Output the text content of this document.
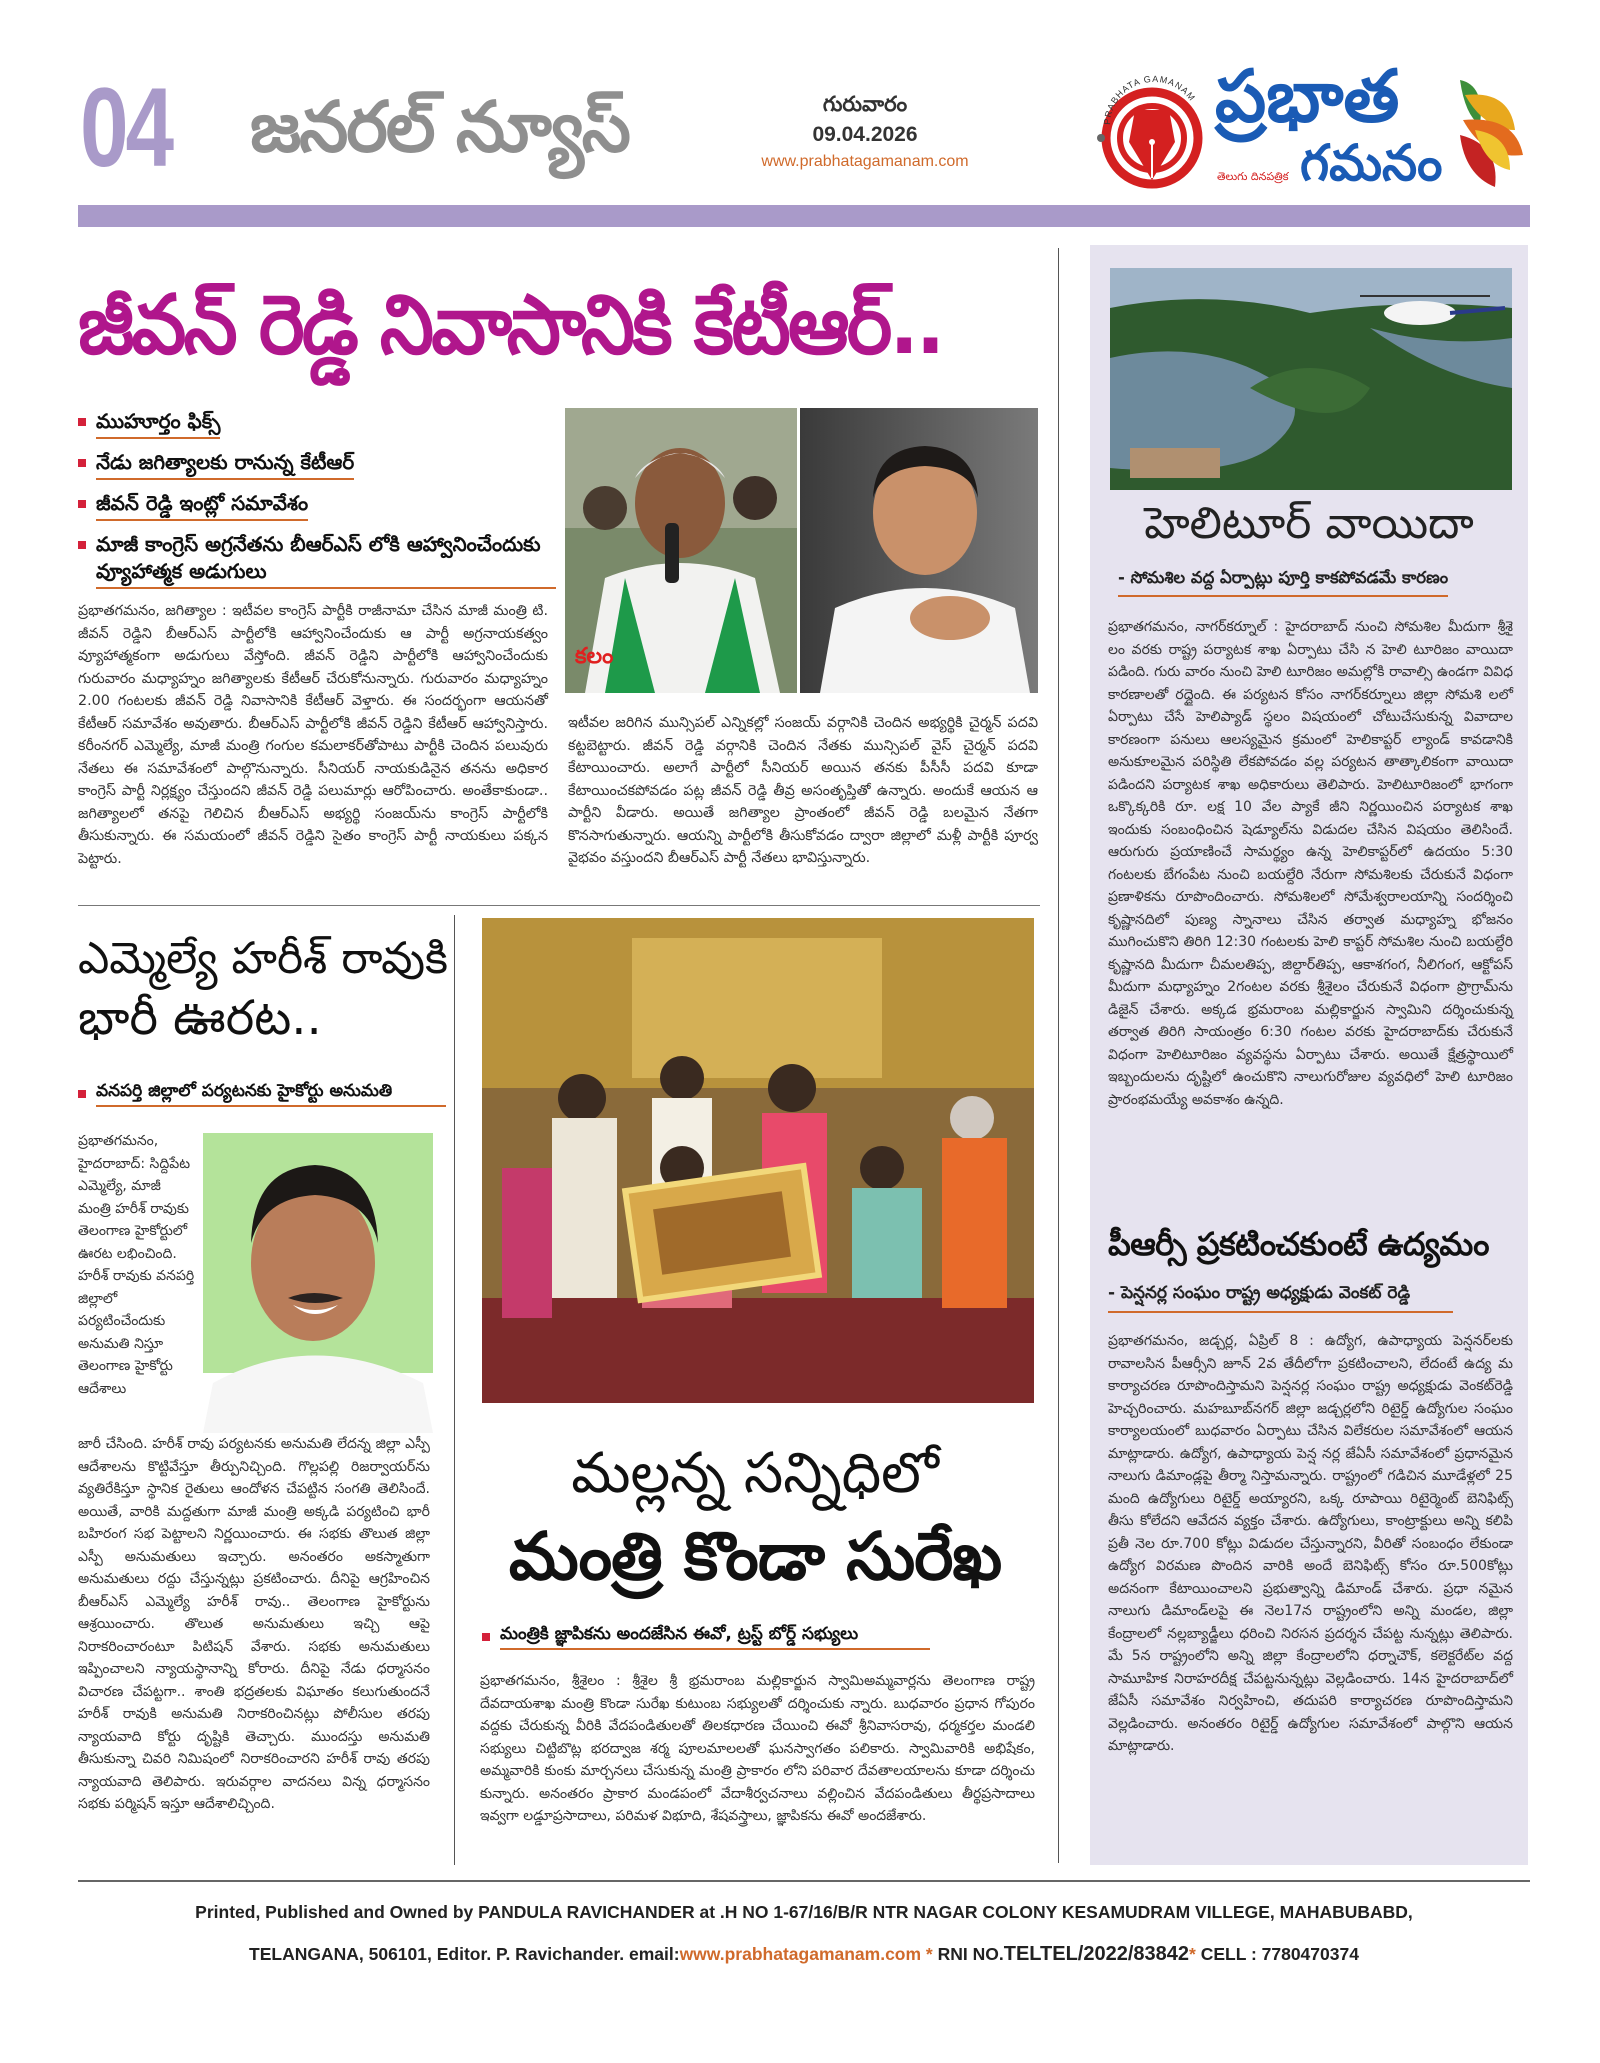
04 జనరల్ న్యూస్	గురువారం
09.04.2026
www.prabhatagamanam.com
PRABHATA GAMANAM ప్రభాత
గమనం
తెలుగు దినపత్రిక
జీవన్ రెడ్డి నివాసానికి కేటీఆర్..
ముహూర్తం ఫిక్స్
నేడు జగిత్యాలకు రానున్న కేటీఆర్
జీవన్ రెడ్డి ఇంట్లో సమావేశం
మాజీ కాంగ్రెస్ అగ్రనేతను బీఆర్ఎస్ లోకి ఆహ్వానించేందుకు వ్యూహాత్మక అడుగులు
కలం
ప్రభాతగమనం, జగిత్యాల : ఇటీవల కాంగ్రెస్ పార్టీకి రాజీనామా చేసిన మాజీ మంత్రి టి. జీవన్ రెడ్డిని బీఆర్ఎస్ పార్టీలోకి ఆహ్వానించేందుకు ఆ పార్టీ అగ్రనాయకత్వం వ్యూహాత్మకంగా అడుగులు వేస్తోంది. జీవన్ రెడ్డిని పార్టీలోకి ఆహ్వానించేందుకు గురువారం మధ్యాహ్నం జగిత్యాలకు కేటీఆర్ చేరుకోనున్నారు. గురువారం మధ్యాహ్నం 2.00 గంటలకు జీవన్ రెడ్డి నివాసానికి కేటీఆర్ వెళ్తారు. ఈ సందర్భంగా ఆయనతో కేటీఆర్ సమావేశం అవుతారు. బీఆర్ఎస్ పార్టీలోకి జీవన్ రెడ్డిని కేటీఆర్ ఆహ్వానిస్తారు. కరీంనగర్ ఎమ్మెల్యే, మాజీ మంత్రి గంగుల కమలాకర్‌తోపాటు పార్టీకి చెందిన పలువురు నేతలు ఈ సమావేశంలో పాల్గొనున్నారు. సీనియర్ నాయకుడినైన తనను అధికార కాంగ్రెస్ పార్టీ నిర్లక్ష్యం చేస్తుందని జీవన్ రెడ్డి పలుమార్లు ఆరోపించారు. అంతేకాకుండా.. జగిత్యాలలో తనపై గెలిచిన బీఆర్ఎస్ అభ్యర్థి సంజయ్‌ను కాంగ్రెస్ పార్టీలోకి తీసుకున్నారు. ఈ సమయంలో జీవన్ రెడ్డిని సైతం కాంగ్రెస్ పార్టీ నాయకులు పక్కన పెట్టారు.
ఇటీవల జరిగిన మున్సిపల్ ఎన్నికల్లో సంజయ్ వర్గానికి చెందిన అభ్యర్థికి చైర్మన్ పదవి కట్టబెట్టారు. జీవన్ రెడ్డి వర్గానికి చెందిన నేతకు మున్సిపల్ వైస్ చైర్మన్ పదవి కేటాయించారు. అలాగే పార్టీలో సీనియర్ అయిన తనకు పీసీసీ పదవి కూడా కేటాయించకపోవడం పట్ల జీవన్ రెడ్డి తీవ్ర అసంతృప్తితో ఉన్నారు. అందుకే ఆయన ఆ పార్టీని వీడారు. అయితే జగిత్యాల ప్రాంతంలో జీవన్ రెడ్డి బలమైన నేతగా కొనసాగుతున్నారు. ఆయన్ని పార్టీలోకి తీసుకోవడం ద్వారా జిల్లాలో మళ్లీ పార్టీకి పూర్వ వైభవం వస్తుందని బీఆర్ఎస్ పార్టీ నేతలు భావిస్తున్నారు.
హెలిటూర్ వాయిదా
- సోమశిల వద్ద ఏర్పాట్లు పూర్తి కాకపోవడమే కారణం
ప్రభాతగమనం, నాగర్‌కర్నూల్ : హైదరాబాద్ నుంచి సోమశిల మీదుగా శ్రీశై లం వరకు రాష్ట్ర పర్యాటక శాఖ ఏర్పాటు చేసి న హెలి టూరిజం వాయిదా పడింది. గురు వారం నుంచి హెలి టూరిజం అమల్లోకి రావాల్సి ఉండగా వివిధ కారణాలతో రద్దైంది. ఈ పర్యటన కోసం నాగర్‌కర్నూలు జిల్లా సోమశి లలో ఏర్పాటు చేసే హెలిప్యాడ్ స్థలం విషయంలో చోటుచేసుకున్న వివాదాల కారణంగా పనులు ఆలస్యమైన క్రమంలో హెలికాప్టర్ ల్యాండ్ కావడానికి అనుకూలమైన పరిస్థితి లేకపోవడం వల్ల పర్యటన తాత్కాలికంగా వాయిదా పడిందని పర్యాటక శాఖ అధికారులు తెలిపారు. హెలిటూరిజంలో భాగంగా ఒక్కొక్కరికి రూ. లక్ష 10 వేల ప్యాకే జీని నిర్ణయించిన పర్యాటక శాఖ ఇందుకు సంబంధించిన షెడ్యూల్‌ను విడుదల చేసిన విషయం తెలిసిందే. ఆరుగురు ప్రయాణించే సామర్థ్యం ఉన్న హెలికాప్టర్‌లో ఉదయం 5:30 గంటలకు బేగంపేట నుంచి బయల్దేరి నేరుగా సోమశిలకు చేరుకునే విధంగా ప్రణాళికను రూపొందించారు. సోమశిలలో సోమేశ్వరాలయాన్ని సందర్శించి కృష్ణానదిలో పుణ్య స్నానాలు చేసిన తర్వాత మధ్యాహ్న భోజనం ముగించుకొని తిరిగి 12:30 గంటలకు హెలి కాప్టర్ సోమశిల నుంచి బయల్దేరి కృష్ణానది మీదుగా చీమలతిప్ప, జిల్దార్‌తిప్ప, ఆకాశగంగ, నీలిగంగ, ఆక్టోపస్ మీదుగా మధ్యాహ్నం 2గంటల వరకు శ్రీశైలం చేరుకునే విధంగా ప్రొగ్రామ్‌ను డిజైన్ చేశారు. అక్కడ భ్రమరాంబ మల్లికార్జున స్వామిని దర్శించుకున్న తర్వాత తిరిగి సాయంత్రం 6:30 గంటల వరకు హైదరాబాద్‌కు చేరుకునే విధంగా హెలిటూరిజం వ్యవస్థను ఏర్పాటు చేశారు. అయితే క్షేత్రస్థాయిలో ఇబ్బందులను దృష్టిలో ఉంచుకొని నాలుగురోజుల వ్యవధిలో హెలి టూరిజం ప్రారంభమయ్యే అవకాశం ఉన్నది.
పీఆర్సీ ప్రకటించకుంటే ఉద్యమం
- పెన్షనర్ల సంఘం రాష్ట్ర అధ్యక్షుడు వెంకట్ రెడ్డి
ప్రభాతగమనం, జడ్చర్ల, ఏప్రిల్ 8 : ఉద్యోగ, ఉపాధ్యాయ పెన్షనర్‌లకు రావాలసిన పీఆర్సీని జూన్ 2వ తేదీలోగా ప్రకటించాలని, లేదంటే ఉద్య మ కార్యాచరణ రూపొందిస్తామని పెన్షనర్ల సంఘం రాష్ట్ర అధ్యక్షుడు వెంకట్‌రెడ్డి హెచ్చరించారు. మహబూబ్‌నగర్ జిల్లా జడ్చర్లలోని రిటైర్డ్ ఉద్యోగుల సంఘం కార్యాలయంలో బుధవారం ఏర్పాటు చేసిన విలేకరుల సమావేశంలో ఆయన మాట్లాడారు. ఉద్యోగ, ఉపాధ్యాయ పెన్ష నర్ల జేఏసీ సమావేశంలో ప్రధానమైన నాలుగు డిమాండ్లపై తీర్మా నిస్తామన్నారు. రాష్ట్రంలో గడిచిన మూడేళ్లలో 25 మంది ఉద్యోగులు రిటైర్డ్ అయ్యారని, ఒక్క రూపాయి రిటైర్మెంట్ బెనిఫిట్స్ తీసు కోలేదని ఆవేదన వ్యక్తం చేశారు. ఉద్యోగులు, కాంట్రాక్టులు అన్ని కలిపి ప్రతీ నెల రూ.700 కోట్లు విడుదల చేస్తున్నారని, వీరితో సంబంధం లేకుండా ఉద్యోగ విరమణ పొందిన వారికి అందే బెనిఫిట్స్ కోసం రూ.500కోట్లు అదనంగా కేటాయించాలని ప్రభుత్వాన్ని డిమాండ్ చేశారు. ప్రధా నమైన నాలుగు డిమాండ్‌లపై ఈ నెల17న రాష్ట్రంలోని అన్ని మండల, జిల్లా కేంద్రాలలో నల్లబ్యాడ్జీలు ధరించి నిరసన ప్రదర్శన చేపట్ట నున్నట్లు తెలిపారు. మే 5న రాష్ట్రంలోని అన్ని జిల్లా కేంద్రాలలోని ధర్నాచౌక్, కలెక్టరేట్‌ల వద్ద సామూహిక నిరాహరదీక్ష చేపట్టనున్నట్లు వెల్లడించారు. 14న హైదరాబాద్‌లో జేఏసీ సమావేశం నిర్వహించి, తదుపరి కార్యాచరణ రూపొందిస్తామని వెల్లడించారు. అనంతరం రిటైర్డ్ ఉద్యోగుల సమావేశంలో పాల్గొని ఆయన మాట్లాడారు.
ఎమ్మెల్యే హరీశ్ రావుకి
భారీ ఊరట..
వనపర్తి జిల్లాలో పర్యటనకు హైకోర్టు అనుమతి
ప్రభాతగమనం, హైదరాబాద్: సిద్దిపేట ఎమ్మెల్యే, మాజీ మంత్రి హరీశ్ రావుకు తెలంగాణ హైకోర్టులో ఊరట లభించింది. హరీశ్ రావుకు వనపర్తి జిల్లాలో పర్యటించేందుకు అనుమతి నిస్తూ తెలంగాణ హైకోర్టు ఆదేశాలు
జారీ చేసింది. హరీశ్ రావు పర్యటనకు అనుమతి లేదన్న జిల్లా ఎస్పీ ఆదేశాలను కొట్టివేస్తూ తీర్పునిచ్చింది. గొల్లపల్లి రిజర్వాయర్‌ను వ్యతిరేకిస్తూ స్థానిక రైతులు ఆందోళన చేపట్టిన సంగతి తెలిసిందే. అయితే, వారికి మద్దతుగా మాజీ మంత్రి అక్కడి పర్యటించి భారీ బహిరంగ సభ పెట్టాలని నిర్ణయించారు. ఈ సభకు తొలుత జిల్లా ఎస్పీ అనుమతులు ఇచ్చారు. అనంతరం అకస్మాతుగా అనుమతులు రద్దు చేస్తున్నట్లు ప్రకటించారు. దీనిపై ఆగ్రహించిన బీఆర్ఎస్ ఎమ్మెల్యే హరీశ్ రావు.. తెలంగాణ హైకోర్టును ఆశ్రయించారు. తొలుత అనుమతులు ఇచ్చి ఆపై నిరాకరించారంటూ పిటిషన్ వేశారు. సభకు అనుమతులు ఇప్పించాలని న్యాయస్థానాన్ని కోరారు. దీనిపై నేడు ధర్మాసనం విచారణ చేపట్టగా.. శాంతి భద్రతలకు విఘాతం కలుగుతుందనే హరీశ్ రావుకి అనుమతి నిరాకరించినట్లు పోలీసుల తరపు న్యాయవాది కోర్టు దృష్టికి తెచ్చారు. ముందస్తు అనుమతి తీసుకున్నా చివరి నిమిషంలో నిరాకరించారని హరీశ్ రావు తరపు న్యాయవాది తెలిపారు. ఇరువర్గాల వాదనలు విన్న ధర్మాసనం సభకు పర్మిషన్ ఇస్తూ ఆదేశాలిచ్చింది.
మల్లన్న సన్నిధిలో
మంత్రి కొండా సురేఖ
మంత్రికి జ్ఞాపికను అందజేసిన ఈవో, ట్రస్ట్ బోర్డ్ సభ్యులు
ప్రభాతగమనం, శ్రీశైలం : శ్రీశైల శ్రీ భ్రమరాంబ మల్లికార్జున స్వామిఅమ్మవార్లను తెలంగాణ రాష్ట్ర దేవదాయశాఖ మంత్రి కొండా సురేఖ కుటుంబ సభ్యులతో దర్శించుకు న్నారు. బుధవారం ప్రధాన గోపురం వద్దకు చేరుకున్న వీరికి వేదపండితులతో తిలకధారణ చేయించి ఈవో శ్రీనివాసరావు, ధర్మకర్తల మండలి సభ్యులు చిట్టిబొట్ల భరద్వాజ శర్మ పూలమాలలతో ఘనస్వాగతం పలికారు. స్వామివారికి అభిషేకం, అమ్మవారికి కుంకు మార్చనలు చేసుకున్న మంత్రి ప్రాకారం లోని పరివార దేవతాలయాలను కూడా దర్శించు కున్నారు. అనంతరం ప్రాకార మండపంలో వేదాశీర్వచనాలు వల్లించిన వేదపండితులు తీర్థప్రసాదాలు ఇవ్వగా లడ్డూప్రసాదాలు, పరిమళ విభూది, శేషవస్త్రాలు, జ్ఞాపికను ఈవో అందజేశారు.
Printed, Published and Owned by PANDULA RAVICHANDER at .H NO 1-67/16/B/R NTR NAGAR COLONY KESAMUDRAM VILLEGE, MAHABUBABD,
TELANGANA, 506101, Editor. P. Ravichander. email:www.prabhatagamanam.com * RNI NO.TELTEL/2022/83842* CELL : 7780470374
